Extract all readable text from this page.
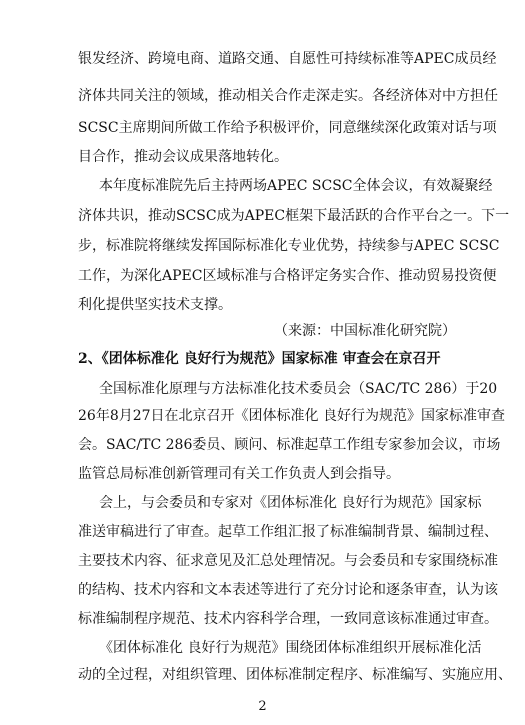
银发经济、跨境电商、道路交通、自愿性可持续标准等APEC成员经
济体共同关注的领域，推动相关合作走深走实。各经济体对中方担任
SCSC主席期间所做工作给予积极评价，同意继续深化政策对话与项
目合作，推动会议成果落地转化。
本年度标准院先后主持两场APEC SCSC全体会议，有效凝聚经
济体共识，推动SCSC成为APEC框架下最活跃的合作平台之一。下一
步，标准院将继续发挥国际标准化专业优势，持续参与APEC SCSC
工作，为深化APEC区域标准与合格评定务实合作、推动贸易投资便
利化提供坚实技术支撑。
（来源：中国标准化研究院）
2、《团体标准化 良好行为规范》国家标准 审查会在京召开
全国标准化原理与方法标准化技术委员会（SAC/TC 286）于20
26年8月27日在北京召开《团体标准化 良好行为规范》国家标准审查
会。SAC/TC 286委员、顾问、标准起草工作组专家参加会议，市场
监管总局标准创新管理司有关工作负责人到会指导。
会上，与会委员和专家对《团体标准化 良好行为规范》国家标
准送审稿进行了审查。起草工作组汇报了标准编制背景、编制过程、
主要技术内容、征求意见及汇总处理情况。与会委员和专家围绕标准
的结构、技术内容和文本表述等进行了充分讨论和逐条审查，认为该
标准编制程序规范、技术内容科学合理，一致同意该标准通过审查。
《团体标准化 良好行为规范》围绕团体标准组织开展标准化活
动的全过程，对组织管理、团体标准制定程序、标准编写、实施应用、
2
